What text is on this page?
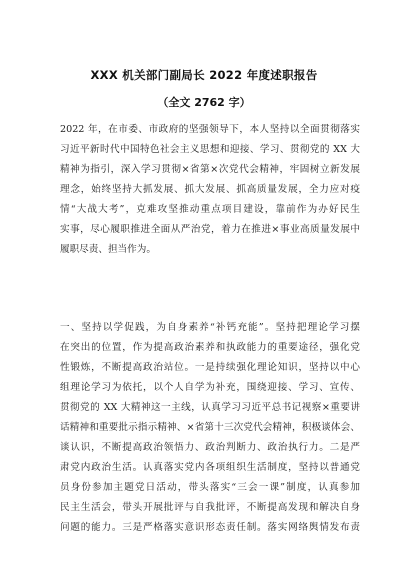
XXX 机关部门副局长 2022 年度述职报告
（全文 2762 字）
2022 年，在市委、市政府的坚强领导下，本人坚持以全面贯彻落实
习近平新时代中国特色社会主义思想和迎接、学习、贯彻党的 XX 大
精神为指引，深入学习贯彻×省第×次党代会精神，牢固树立新发展
理念，始终坚持大抓发展、抓大发展、抓高质量发展，全力应对疫
情“大战大考”，克难攻坚推动重点项目建设，靠前作为办好民生
实事，尽心履职推进全面从严治党，着力在推进×事业高质量发展中
履职尽责、担当作为。
一、坚持以学促践，为自身素养“补钙充能”。坚持把理论学习摆
在突出的位置，作为提高政治素养和执政能力的重要途径，强化党
性锻炼，不断提高政治站位。一是持续强化理论知识，坚持以中心
组理论学习为依托，以个人自学为补充，围绕迎接、学习、宣传、
贯彻党的 XX 大精神这一主线，认真学习习近平总书记视察×重要讲
话精神和重要批示指示精神、×省第十三次党代会精神，积极谈体会、
谈认识，不断提高政治领悟力、政治判断力、政治执行力。二是严
肃党内政治生活。认真落实党内各项组织生活制度，坚持以普通党
员身份参加主题党日活动，带头落实“三会一课”制度，认真参加
民主生活会，带头开展批评与自我批评，不断提高发现和解决自身
问题的能力。三是严格落实意识形态责任制。落实网络舆情发布责
